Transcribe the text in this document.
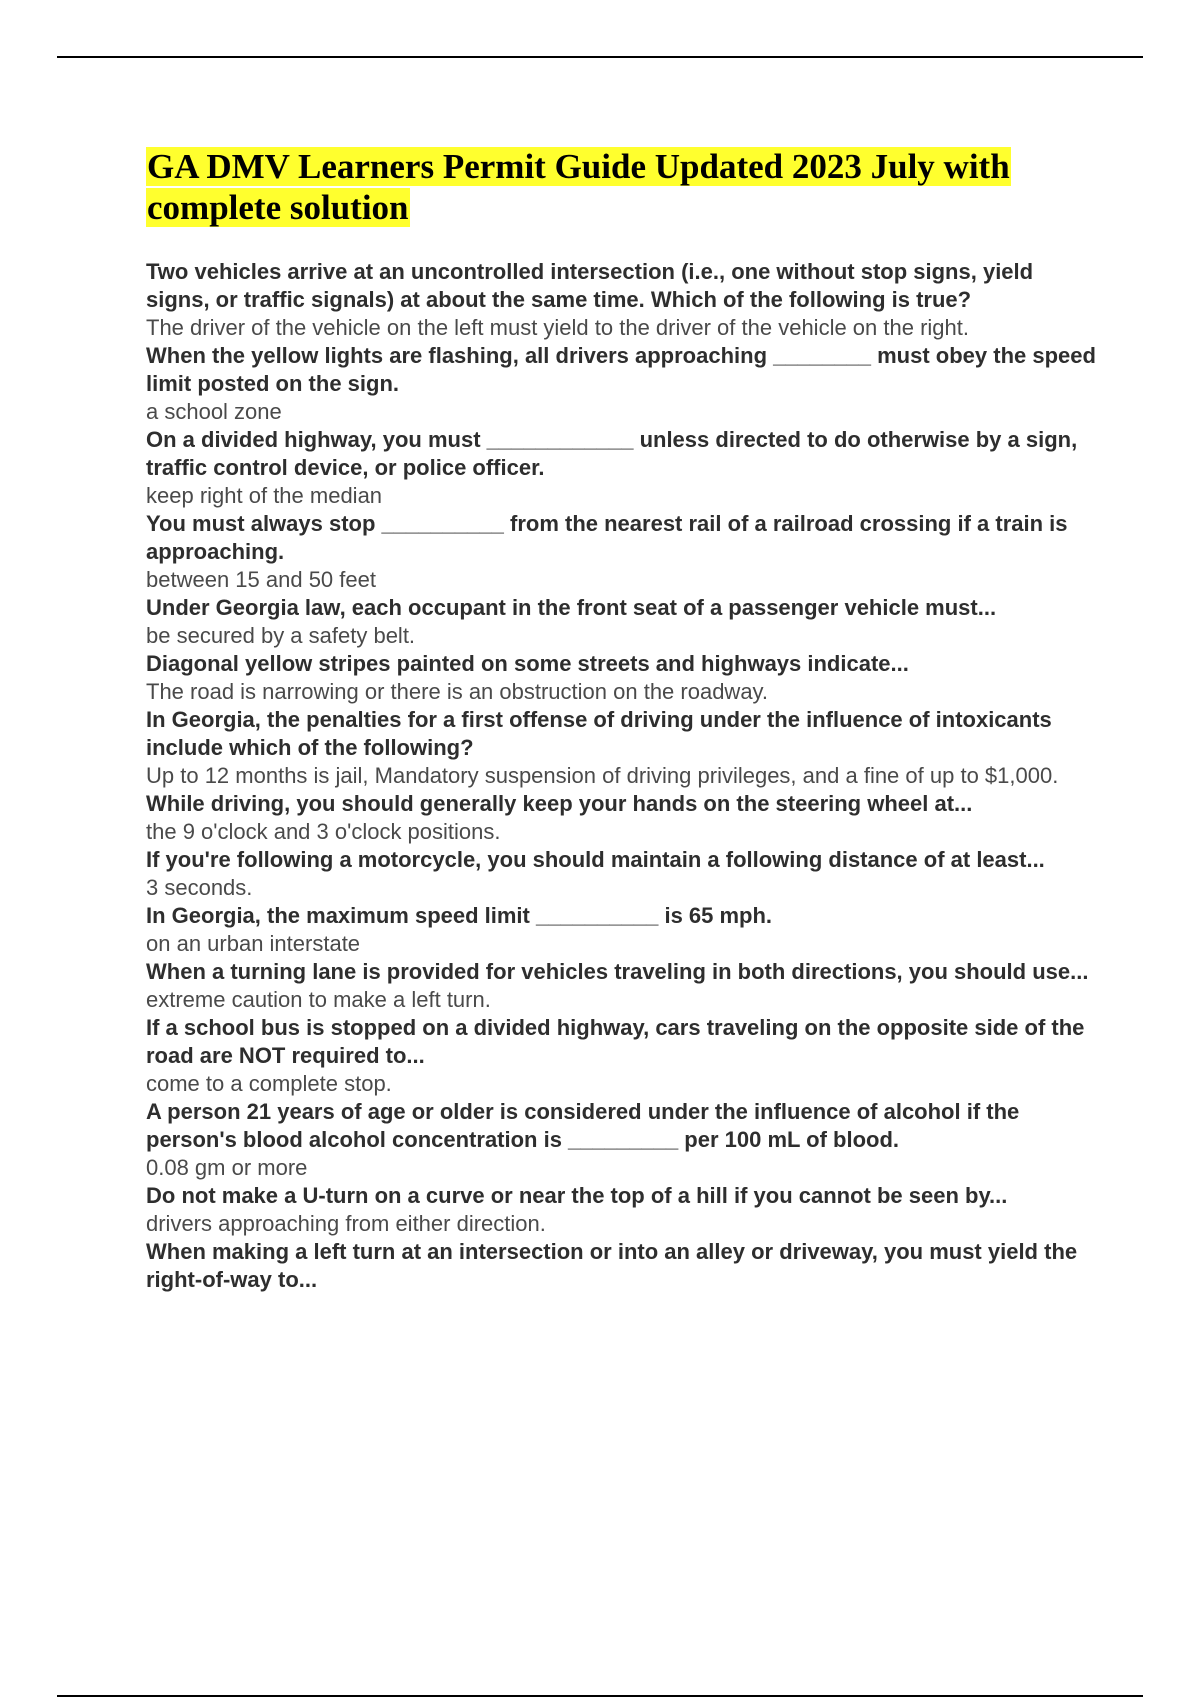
GA DMV Learners Permit Guide Updated 2023 July with complete solution
Two vehicles arrive at an uncontrolled intersection (i.e., one without stop signs, yield signs, or traffic signals) at about the same time. Which of the following is true?
The driver of the vehicle on the left must yield to the driver of the vehicle on the right.
When the yellow lights are flashing, all drivers approaching ________ must obey the speed limit posted on the sign.
a school zone
On a divided highway, you must ____________ unless directed to do otherwise by a sign, traffic control device, or police officer.
keep right of the median
You must always stop __________ from the nearest rail of a railroad crossing if a train is approaching.
between 15 and 50 feet
Under Georgia law, each occupant in the front seat of a passenger vehicle must...
be secured by a safety belt.
Diagonal yellow stripes painted on some streets and highways indicate...
The road is narrowing or there is an obstruction on the roadway.
In Georgia, the penalties for a first offense of driving under the influence of intoxicants include which of the following?
Up to 12 months is jail, Mandatory suspension of driving privileges, and a fine of up to $1,000.
While driving, you should generally keep your hands on the steering wheel at...
the 9 o'clock and 3 o'clock positions.
If you're following a motorcycle, you should maintain a following distance of at least...
3 seconds.
In Georgia, the maximum speed limit __________ is 65 mph.
on an urban interstate
When a turning lane is provided for vehicles traveling in both directions, you should use...
extreme caution to make a left turn.
If a school bus is stopped on a divided highway, cars traveling on the opposite side of the road are NOT required to...
come to a complete stop.
A person 21 years of age or older is considered under the influence of alcohol if the person's blood alcohol concentration is _________ per 100 mL of blood.
0.08 gm or more
Do not make a U-turn on a curve or near the top of a hill if you cannot be seen by...
drivers approaching from either direction.
When making a left turn at an intersection or into an alley or driveway, you must yield the right-of-way to...
